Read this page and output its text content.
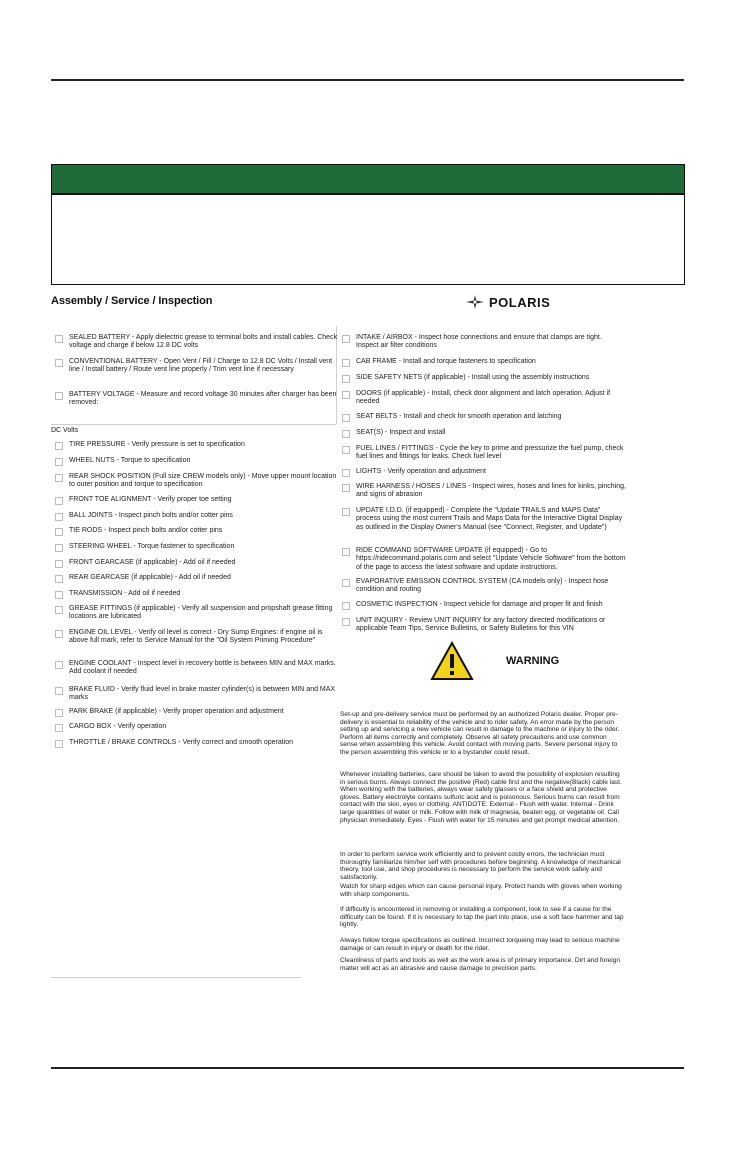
Assembly / Service / Inspection	POLARIS
DC Volts
SEALED BATTERY - Apply dielectric grease to terminal bolts and install cables. Check voltage and charge if below 12.8 DC volts
CONVENTIONAL BATTERY - Open Vent / Fill / Charge to 12.8 DC Volts / Install vent line / Install battery / Route vent line properly / Trim vent line if necessary
BATTERY VOLTAGE - Measure and record voltage 30 minutes after charger has been removed:
TIRE PRESSURE - Verify pressure is set to specification
WHEEL NUTS - Torque to specification
REAR SHOCK POSITION (Full size CREW models only) - Move upper mount location to outer position and torque to specification
FRONT TOE ALIGNMENT - Verify proper toe setting
BALL JOINTS - Inspect pinch bolts and/or cotter pins
TIE RODS - Inspect pinch bolts and/or cotter pins
STEERING WHEEL - Torque fastener to specification
FRONT GEARCASE (if applicable) - Add oil if needed
REAR GEARCASE (if applicable) - Add oil if needed
TRANSMISSION - Add oil if needed
GREASE FITTINGS (if applicable) - Verify all suspension and propshaft grease fitting locations are lubricated
ENGINE OIL LEVEL - Verify oil level is correct - Dry Sump Engines: if engine oil is above full mark, refer to Service Manual for the "Oil System Priming Procedure"
ENGINE COOLANT - Inspect level in recovery bottle is between MIN and MAX marks. Add coolant if needed
BRAKE FLUID - Verify fluid level in brake master cylinder(s) is between MIN and MAX marks
PARK BRAKE (if applicable) - Verify proper operation and adjustment
CARGO BOX - Verify operation
THROTTLE / BRAKE CONTROLS - Verify correct and smooth operation
INTAKE / AIRBOX - Inspect hose connections and ensure that clamps are tight. Inspect air filter conditions
CAB FRAME - Install and torque fasteners to specification
SIDE SAFETY NETS (if applicable) - Install using the assembly instructions
DOORS (if applicable) - Install, check door alignment and latch operation. Adjust if needed
SEAT BELTS - Install and check for smooth operation and latching
SEAT(S) - Inspect and install
FUEL LINES / FITTINGS - Cycle the key to prime and pressurize the fuel pump, check fuel lines and fittings for leaks. Check fuel level
LIGHTS - Verify operation and adjustment
WIRE HARNESS / HOSES / LINES - Inspect wires, hoses and lines for kinks, pinching, and signs of abrasion
UPDATE I.D.D. (if equipped) - Complete the "Update TRAILS and MAPS Data" process using the most current Trails and Maps Data for the Interactive Digital Display as outlined in the Display Owner's Manual (see "Connect, Register, and Update")
RIDE COMMAND SOFTWARE UPDATE (if equipped) - Go to https://ridecommand.polaris.com and select "Update Vehicle Software" from the bottom of the page to access the latest software and update instructions.
EVAPORATIVE EMISSION CONTROL SYSTEM (CA models only) - Inspect hose condition and routing
COSMETIC INSPECTION - Inspect vehicle for damage and proper fit and finish
UNIT INQUIRY - Review UNIT INQUIRY for any factory directed modifications or applicable Team Tips, Service Bulletins, or Safety Bulletins for this VIN
WARNING
Set-up and pre-delivery service must be performed by an authorized Polaris dealer. Proper pre-delivery is essential to reliability of the vehicle and to rider safety. An error made by the person setting up and servicing a new vehicle can result in damage to the machine or injury to the rider. Perform all items correctly and completely. Observe all safety precautions and use common sense when assembling this vehicle. Avoid contact with moving parts. Severe personal injury to the person assembling this vehicle or to a bystander could result.
Whenever installing batteries, care should be taken to avoid the possibility of explosion resulting in serious burns. Always connect the positive (Red) cable first and the negative(Black) cable last. When working with the batteries, always wear safety glasses or a face shield and protective gloves. Battery electrolyte contains sulfuric acid and is poisonous. Serious burns can result from contact with the skin, eyes or clothing. ANTIDOTE: External - Flush with water. Internal - Drink large quantities of water or milk. Follow with milk of magnesia, beaten egg, or vegetable oil. Call physician immediately. Eyes - Flush with water for 15 minutes and get prompt medical attention.
In order to perform service work efficiently and to prevent costly errors, the technician must thoroughly familiarize him/her self with procedures before beginning. A knowledge of mechanical theory, tool use, and shop procedures is necessary to perform the service work safely and satisfactorily.
Watch for sharp edges which can cause personal injury. Protect hands with gloves when working with sharp components.
If difficulty is encountered in removing or installing a component, look to see if a cause for the difficulty can be found. If it is necessary to tap the part into place, use a soft face hammer and tap lightly.
Always follow torque specifications as outlined. Incorrect torqueing may lead to serious machine damage or can result in injury or death for the rider.
Cleanliness of parts and tools as well as the work area is of primary importance. Dirt and foreign matter will act as an abrasive and cause damage to precision parts.
